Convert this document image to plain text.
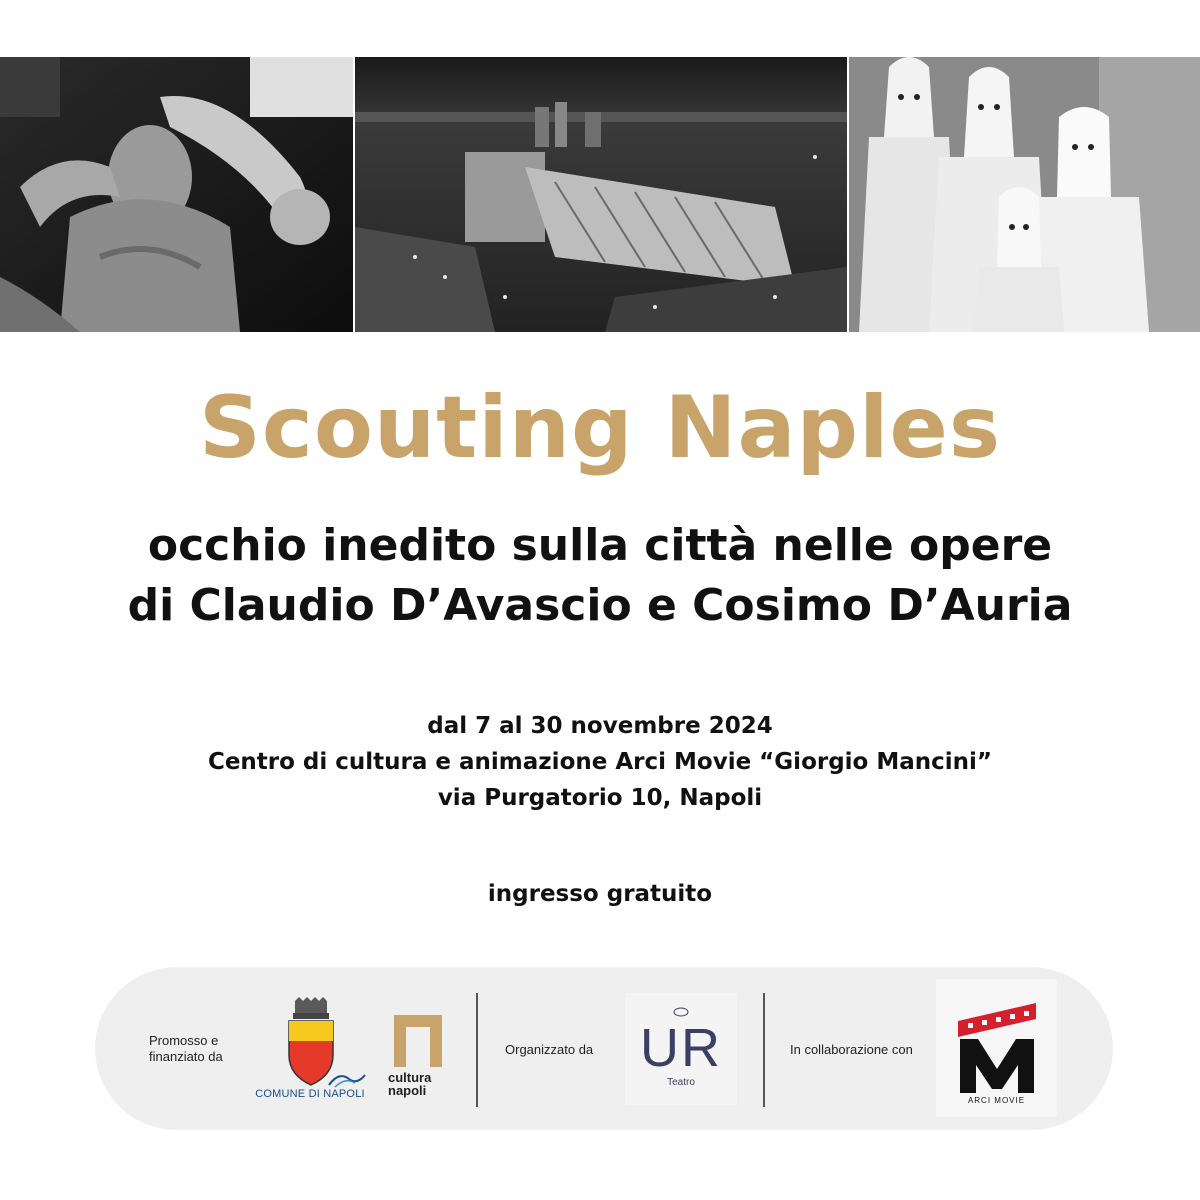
Scouting Naples
occhio inedito sulla città nelle opere
di Claudio D’Avascio e Cosimo D’Auria
dal 7 al 30 novembre 2024
Centro di cultura e animazione Arci Movie “Giorgio Mancini”
via Purgatorio 10, Napoli
ingresso gratuito
Promosso e
finanziato da
COMUNE DI NAPOLI
cultura
napoli
Organizzato da UR
Teatro
In collaborazione con
ARCI MOVIE
